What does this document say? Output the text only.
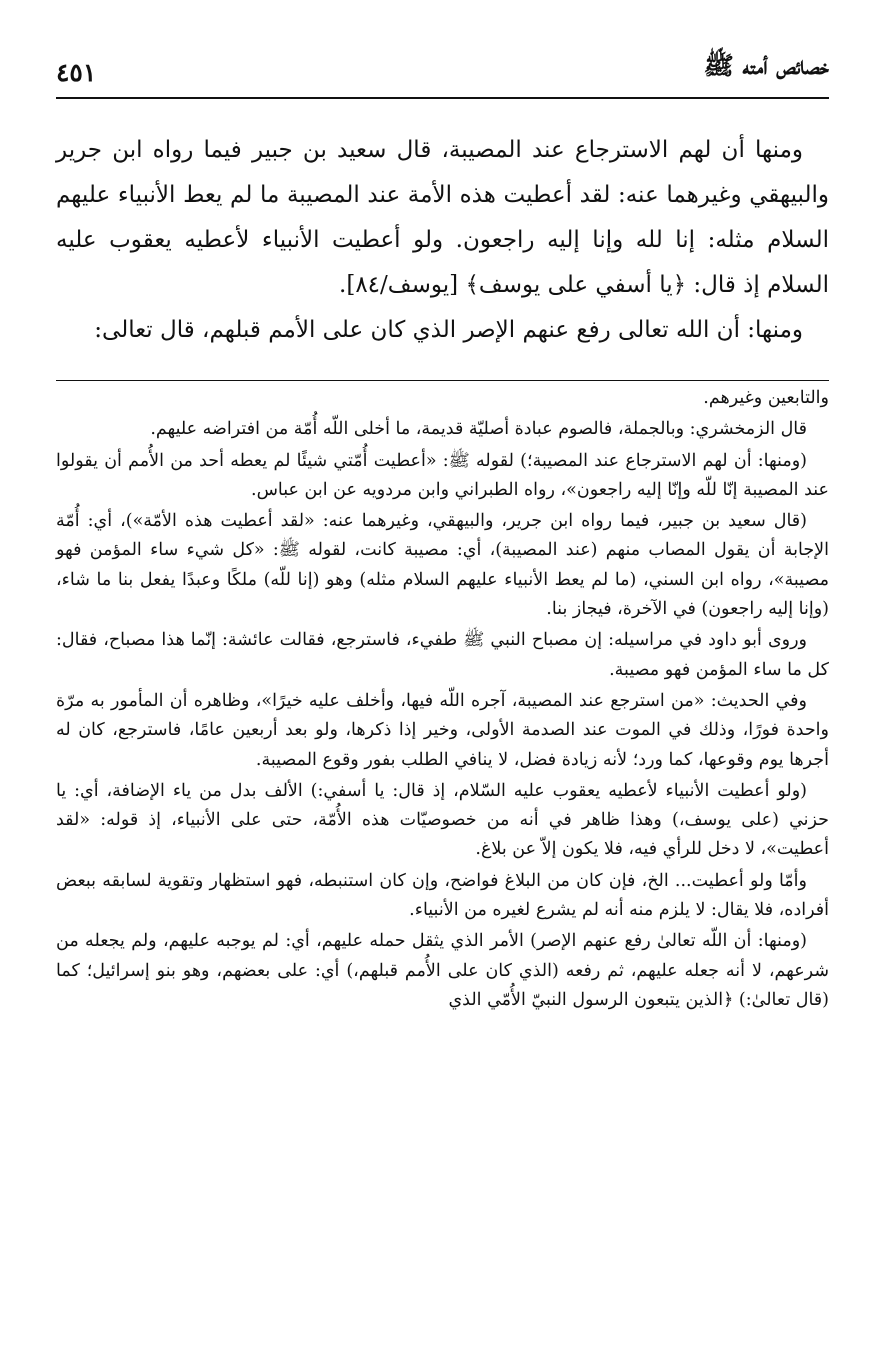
خصائص أمته ﷺ
٤٥١

ومنها أن لهم الاسترجاع عند المصيبة، قال سعيد بن جبير فيما رواه ابن جرير والبيهقي وغيرهما عنه: لقد أعطيت هذه الأمة عند المصيبة ما لم يعط الأنبياء عليهم السلام مثله: إنا لله وإنا إليه راجعون. ولو أعطيت الأنبياء لأعطيه يعقوب عليه السلام إذ قال: ﴿يا أسفي على يوسف﴾ [يوسف/٨٤].

ومنها: أن الله تعالى رفع عنهم الإصر الذي كان على الأمم قبلهم، قال تعالى:

والتابعين وغيرهم.

قال الزمخشري: وبالجملة، فالصوم عبادة أصليّة قديمة، ما أخلى اللّه أُمّة من افتراضه عليهم.

(ومنها: أن لهم الاسترجاع عند المصيبة؛) لقوله ﷺ: «أعطيت أُمّتي شيئًا لم يعطه أحد من الأُمم أن يقولوا عند المصيبة إنّا للّه وإنّا إليه راجعون»، رواه الطبراني وابن مردويه عن ابن عباس.

(قال سعيد بن جبير، فيما رواه ابن جرير، والبيهقي، وغيرهما عنه: «لقد أعطيت هذه الأمّة»)، أي: أُمّة الإجابة أن يقول المصاب منهم (عند المصيبة)، أي: مصيبة كانت، لقوله ﷺ: «كل شيء ساء المؤمن فهو مصيبة»، رواه ابن السني، (ما لم يعط الأنبياء عليهم السلام مثله) وهو (إنا للّه) ملكًا وعبدًا يفعل بنا ما شاء، (وإنا إليه راجعون) في الآخرة، فيجاز بنا.

وروى أبو داود في مراسيله: إن مصباح النبي ﷺ طفيء، فاسترجع، فقالت عائشة: إنّما هذا مصباح، فقال: كل ما ساء المؤمن فهو مصيبة.

وفي الحديث: «من استرجع عند المصيبة، آجره اللّه فيها، وأخلف عليه خيرًا»، وظاهره أن المأمور به مرّة واحدة فورًا، وذلك في الموت عند الصدمة الأولى، وخير إذا ذكرها، ولو بعد أربعين عامًا، فاسترجع، كان له أجرها يوم وقوعها، كما ورد؛ لأنه زيادة فضل، لا ينافي الطلب بفور وقوع المصيبة.

(ولو أعطيت الأنبياء لأعطيه يعقوب عليه السّلام، إذ قال: يا أسفي:) الألف بدل من ياء الإضافة، أي: يا حزني (على يوسف،) وهذا ظاهر في أنه من خصوصيّات هذه الأُمّة، حتى على الأنبياء، إذ قوله: «لقد أعطيت»، لا دخل للرأي فيه، فلا يكون إلاّ عن بلاغ.

وأمّا ولو أعطيت... الخ، فإن كان من البلاغ فواضح، وإن كان استنبطه، فهو استظهار وتقوية لسابقه ببعض أفراده، فلا يقال: لا يلزم منه أنه لم يشرع لغيره من الأنبياء.

(ومنها: أن اللّه تعالىٰ رفع عنهم الإصر) الأمر الذي يثقل حمله عليهم، أي: لم يوجبه عليهم، ولم يجعله من شرعهم، لا أنه جعله عليهم، ثم رفعه (الذي كان على الأُمم قبلهم،) أي: على بعضهم، وهو بنو إسرائيل؛ كما (قال تعالىٰ:) ﴿الذين يتبعون الرسول النبيّ الأُمّي الذي
